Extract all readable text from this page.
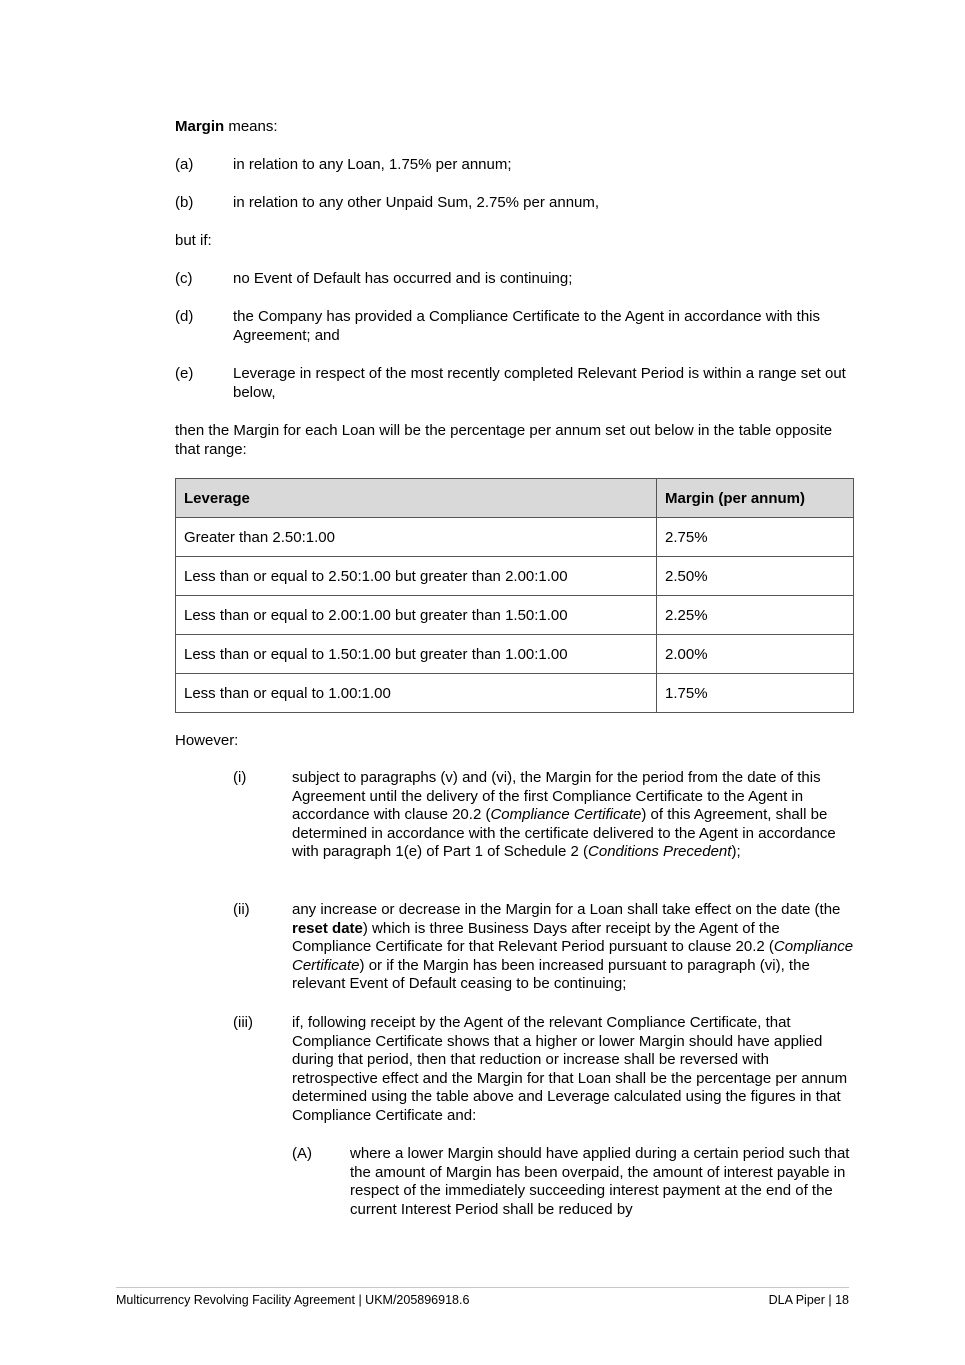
Margin means:

(a)	in relation to any Loan, 1.75% per annum;

(b)	in relation to any other Unpaid Sum, 2.75% per annum,

but if:

(c)	no Event of Default has occurred and is continuing;

(d)	the Company has provided a Compliance Certificate to the Agent in accordance with this Agreement; and

(e)	Leverage in respect of the most recently completed Relevant Period is within a range set out below,

then the Margin for each Loan will be the percentage per annum set out below in the table opposite that range:

Leverage	Margin (per annum)
Greater than 2.50:1.00	2.75%
Less than or equal to 2.50:1.00 but greater than 2.00:1.00	2.50%
Less than or equal to 2.00:1.00 but greater than 1.50:1.00	2.25%
Less than or equal to 1.50:1.00 but greater than 1.00:1.00	2.00%
Less than or equal to 1.00:1.00	1.75%

However:

(i)	subject to paragraphs (v) and (vi), the Margin for the period from the date of this Agreement until the delivery of the first Compliance Certificate to the Agent in accordance with clause 20.2 (Compliance Certificate) of this Agreement, shall be determined in accordance with the certificate delivered to the Agent in accordance with paragraph 1(e) of Part 1 of Schedule 2 (Conditions Precedent);

(ii)	any increase or decrease in the Margin for a Loan shall take effect on the date (the reset date) which is three Business Days after receipt by the Agent of the Compliance Certificate for that Relevant Period pursuant to clause 20.2 (Compliance Certificate) or if the Margin has been increased pursuant to paragraph (vi), the relevant Event of Default ceasing to be continuing;

(iii)	if, following receipt by the Agent of the relevant Compliance Certificate, that Compliance Certificate shows that a higher or lower Margin should have applied during that period, then that reduction or increase shall be reversed with retrospective effect and the Margin for that Loan shall be the percentage per annum determined using the table above and Leverage calculated using the figures in that Compliance Certificate and:

(A)	where a lower Margin should have applied during a certain period such that the amount of Margin has been overpaid, the amount of interest payable in respect of the immediately succeeding interest payment at the end of the current Interest Period shall be reduced by

Multicurrency Revolving Facility Agreement | UKM/205896918.6	DLA Piper | 18
